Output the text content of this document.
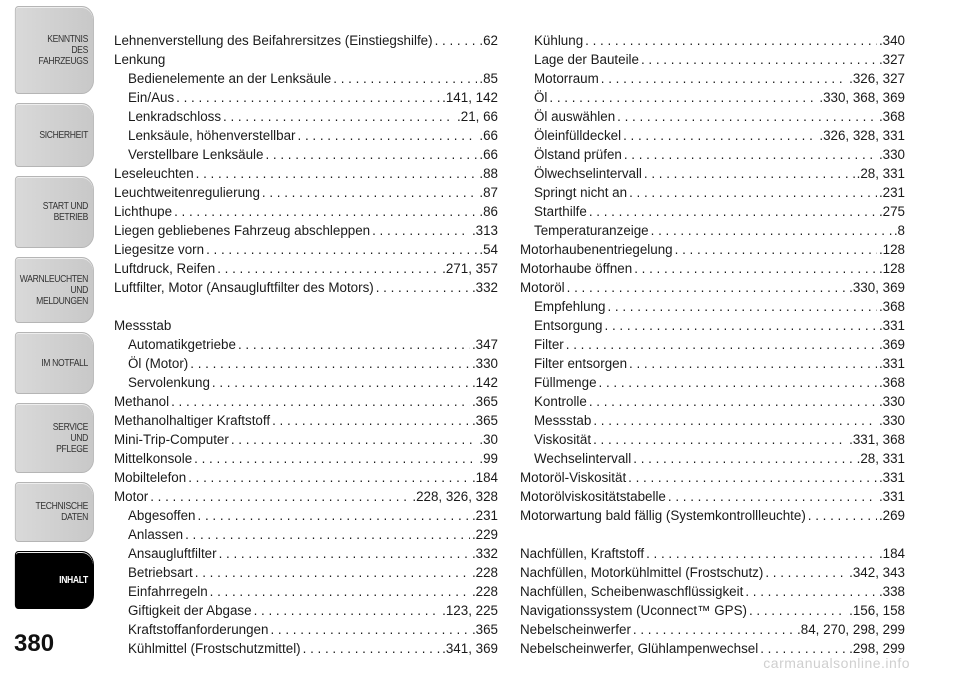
KENNTNIS
DES
FAHRZEUGS
SICHERHEIT
START UND
BETRIEB
WARNLEUCHTEN
UND
MELDUNGEN
IM NOTFALL
SERVICE
UND
PFLEGE
TECHNISCHE
DATEN
INHALT
380
Lehnenverstellung des Beifahrersitzes (Einstiegshilfe) . . .	.62
Lenkung
Bedienelemente an der Lenksäule . . .	.85
Ein/Aus . . .	.141, 142
Lenkradschloss . . .	.21, 66
Lenksäule, höhenverstellbar . . .	.66
Verstellbare Lenksäule . . .	.66
Leseleuchten . . .	.88
Leuchtweitenregulierung . . .	.87
Lichthupe . . .	.86
Liegen gebliebenes Fahrzeug abschleppen . . .	.313
Liegesitze vorn . . .	.54
Luftdruck, Reifen . . .	.271, 357
Luftfilter, Motor (Ansaugluftfilter des Motors) . . .	.332
Messstab
Automatikgetriebe . . .	.347
Öl (Motor) . . .	.330
Servolenkung . . .	.142
Methanol . . .	.365
Methanolhaltiger Kraftstoff . . .	.365
Mini-Trip-Computer . . .	.30
Mittelkonsole . . .	.99
Mobiltelefon . . .	.184
Motor . . .	.228, 326, 328
Abgesoffen . . .	.231
Anlassen . . .	.229
Ansaugluftfilter . . .	.332
Betriebsart . . .	.228
Einfahrregeln . . .	.228
Giftigkeit der Abgase . . .	.123, 225
Kraftstoffanforderungen . . .	.365
Kühlmittel (Frostschutzmittel) . . .	.341, 369
Kühlung . . .	.340
Lage der Bauteile . . .	.327
Motorraum . . .	.326, 327
Öl . . .	.330, 368, 369
Öl auswählen . . .	.368
Öleinfülldeckel . . .	.326, 328, 331
Ölstand prüfen . . .	.330
Ölwechselintervall . . .	.28, 331
Springt nicht an . . .	.231
Starthilfe . . .	.275
Temperaturanzeige . . .	.8
Motorhaubenentriegelung . . .	.128
Motorhaube öffnen . . .	.128
Motoröl . . .	.330, 369
Empfehlung . . .	.368
Entsorgung . . .	.331
Filter . . .	.369
Filter entsorgen . . .	.331
Füllmenge . . .	.368
Kontrolle . . .	.330
Messstab . . .	.330
Viskosität . . .	.331, 368
Wechselintervall . . .	.28, 331
Motoröl-Viskosität . . .	.331
Motorölviskositätstabelle . . .	.331
Motorwartung bald fällig (Systemkontrollleuchte) . . .	.269
Nachfüllen, Kraftstoff . . .	.184
Nachfüllen, Motorkühlmittel (Frostschutz) . . .	.342, 343
Nachfüllen, Scheibenwaschflüssigkeit . . .	.338
Navigationssystem (Uconnect™ GPS) . . .	.156, 158
Nebelscheinwerfer . . .	.84, 270, 298, 299
Nebelscheinwerfer, Glühlampenwechsel . . .	.298, 299
carmanualsonline.info
